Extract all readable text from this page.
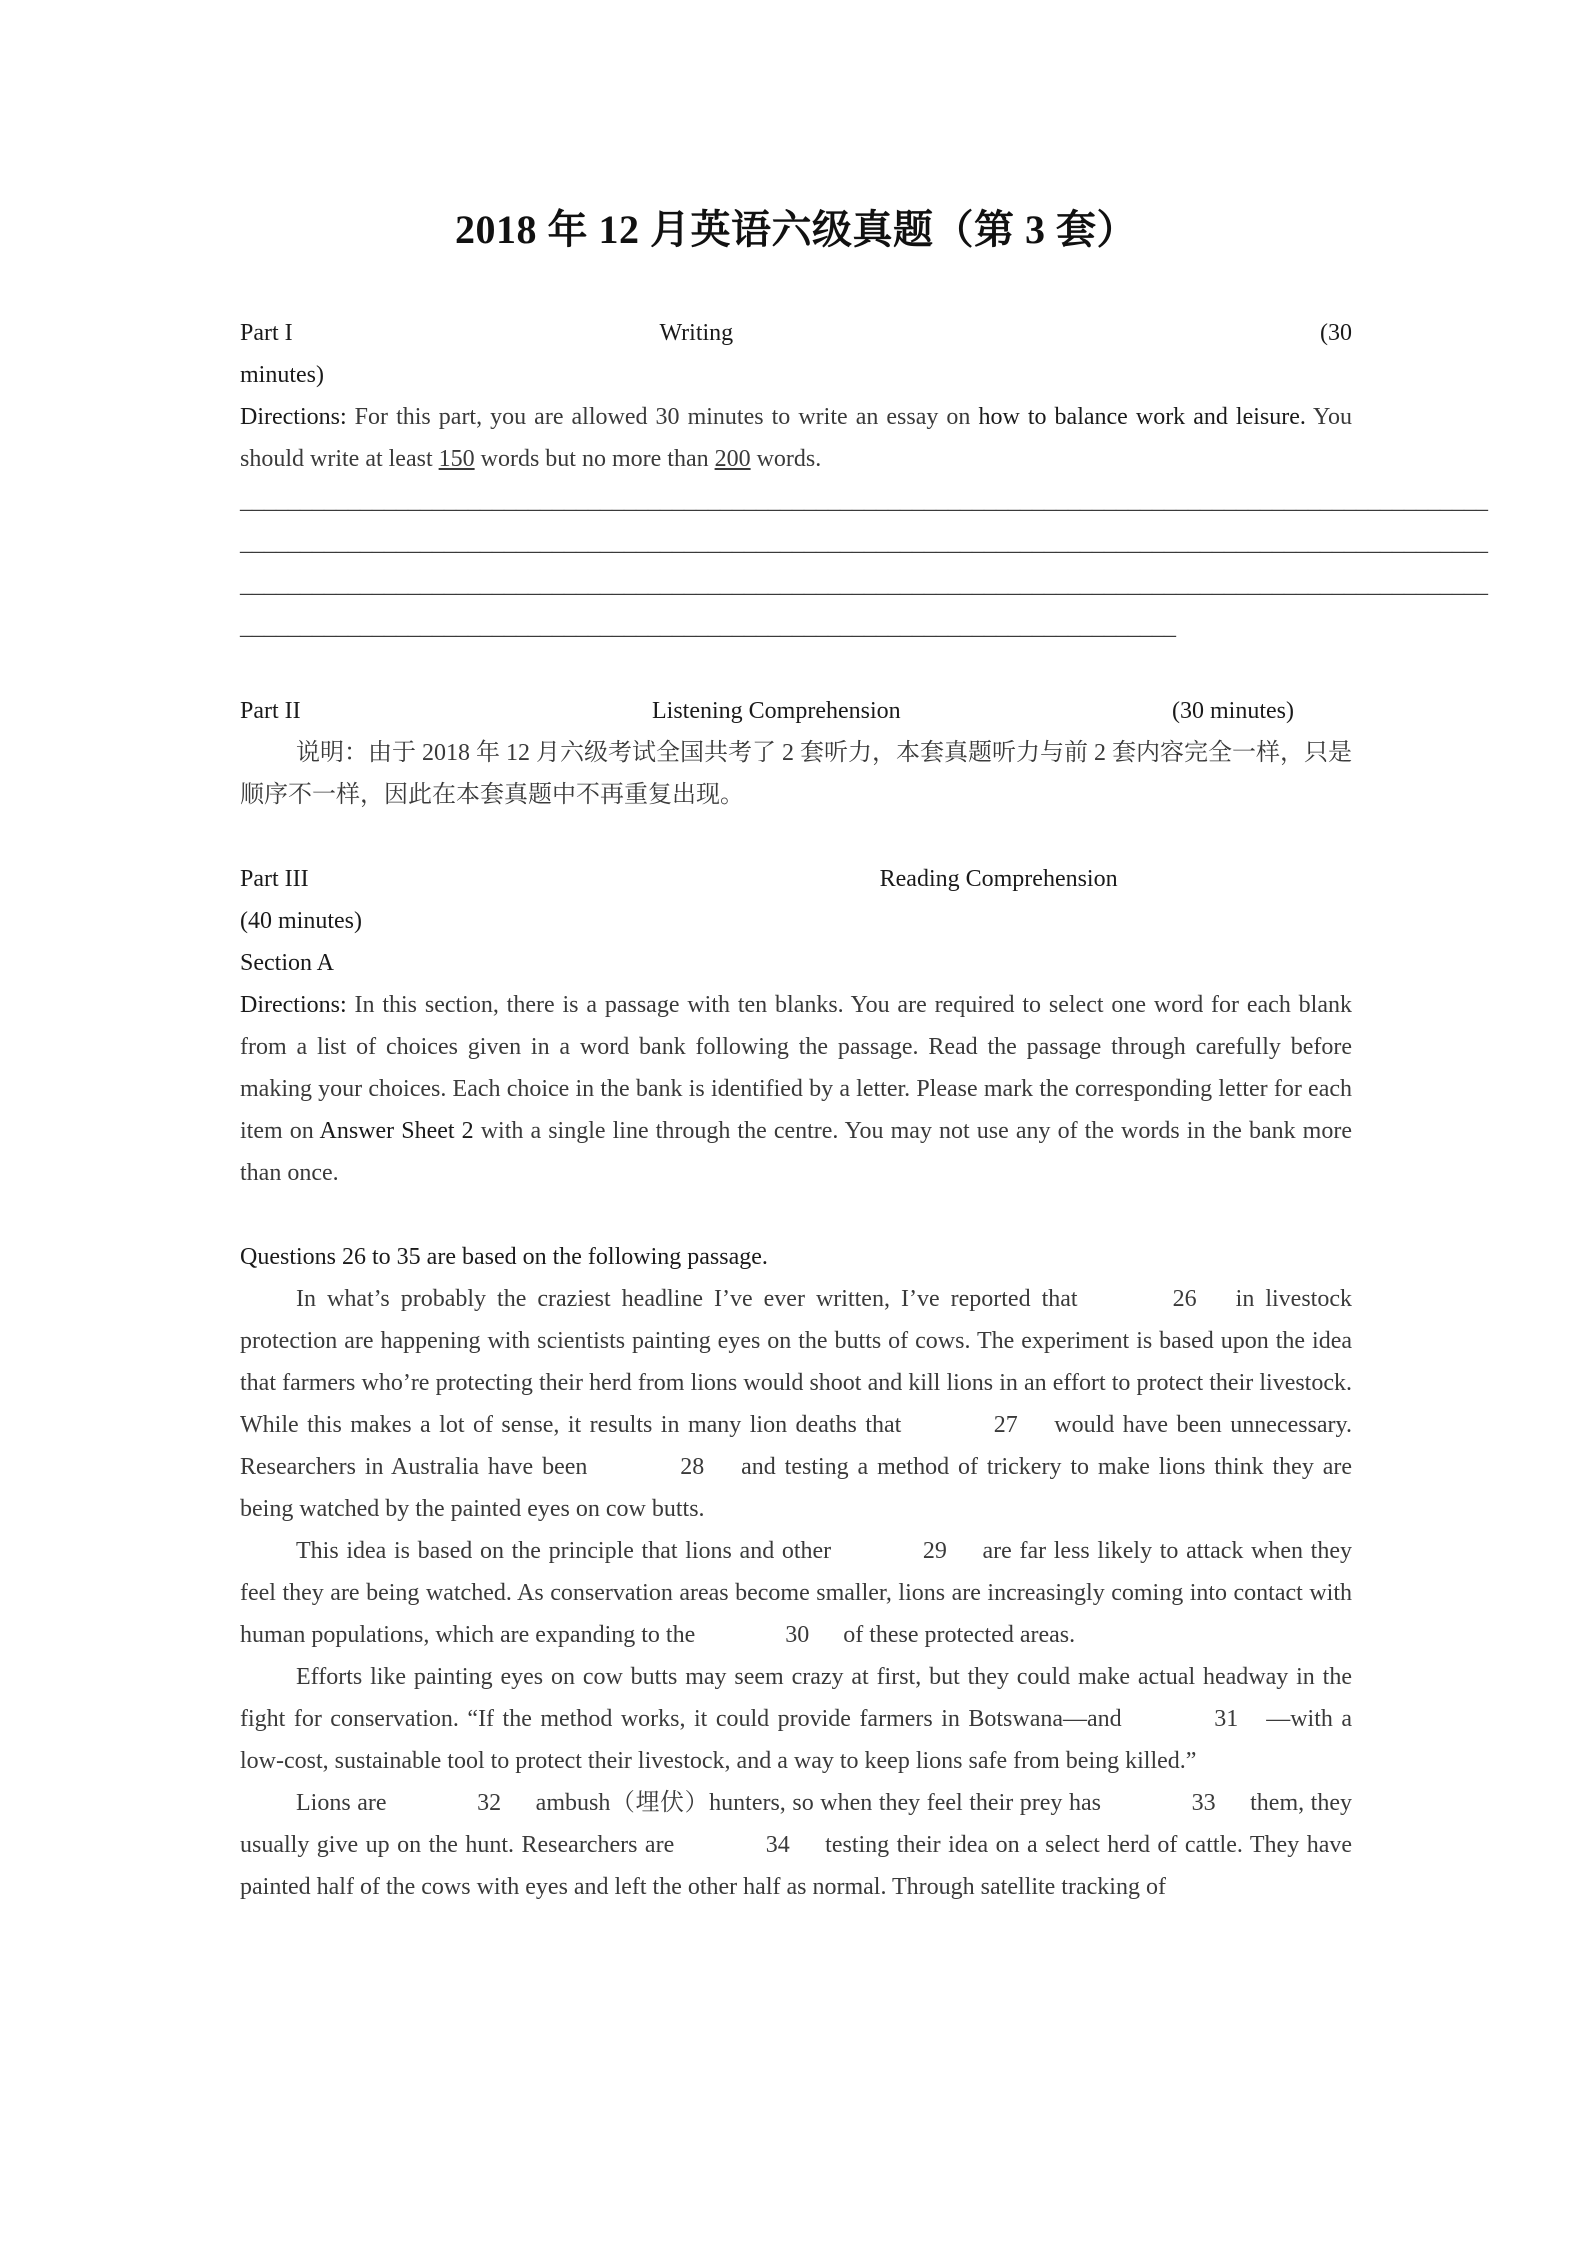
2018 年 12 月英语六级真题（第 3 套）
Part I	Writing	(30
minutes)
Directions: For this part, you are allowed 30 minutes to write an essay on how to balance work and leisure. You should write at least 150 words but no more than 200 words.
________________________________________________________________________________________________________
________________________________________________________________________________________________________
________________________________________________________________________________________________________
______________________________________________________________________________
Part II	Listening Comprehension	(30 minutes)
说明：由于 2018 年 12 月六级考试全国共考了 2 套听力，本套真题听力与前 2 套内容完全一样，只是顺序不一样，因此在本套真题中不再重复出现。
Part III	Reading Comprehension
(40 minutes)
Section A
Directions: In this section, there is a passage with ten blanks. You are required to select one word for each blank from a list of choices given in a word bank following the passage. Read the passage through carefully before making your choices. Each choice in the bank is identified by a letter. Please mark the corresponding letter for each item on Answer Sheet 2 with a single line through the centre. You may not use any of the words in the bank more than once.
Questions 26 to 35 are based on the following passage.
In what’s probably the craziest headline I’ve ever written, I’ve reported that	26 in livestock protection are happening with scientists painting eyes on the butts of cows. The experiment is based upon the idea that farmers who’re protecting their herd from lions would shoot and kill lions in an effort to protect their livestock. While this makes a lot of sense, it results in many lion deaths that	27 would have been unnecessary. Researchers in Australia have been	28 and testing a method of trickery to make lions think they are being watched by the painted eyes on cow butts.
This idea is based on the principle that lions and other	29 are far less likely to attack when they feel they are being watched. As conservation areas become smaller, lions are increasingly coming into contact with human populations, which are expanding to the	30 of these protected areas.
Efforts like painting eyes on cow butts may seem crazy at first, but they could make actual headway in the fight for conservation. “If the method works, it could provide farmers in Botswana—and	31 —with a low-cost, sustainable tool to protect their livestock, and a way to keep lions safe from being killed.”
Lions are	32 ambush（埋伏）hunters, so when they feel their prey has	33 them, they usually give up on the hunt. Researchers are	34 testing their idea on a select herd of cattle. They have painted half of the cows with eyes and left the other half as normal. Through satellite tracking of
